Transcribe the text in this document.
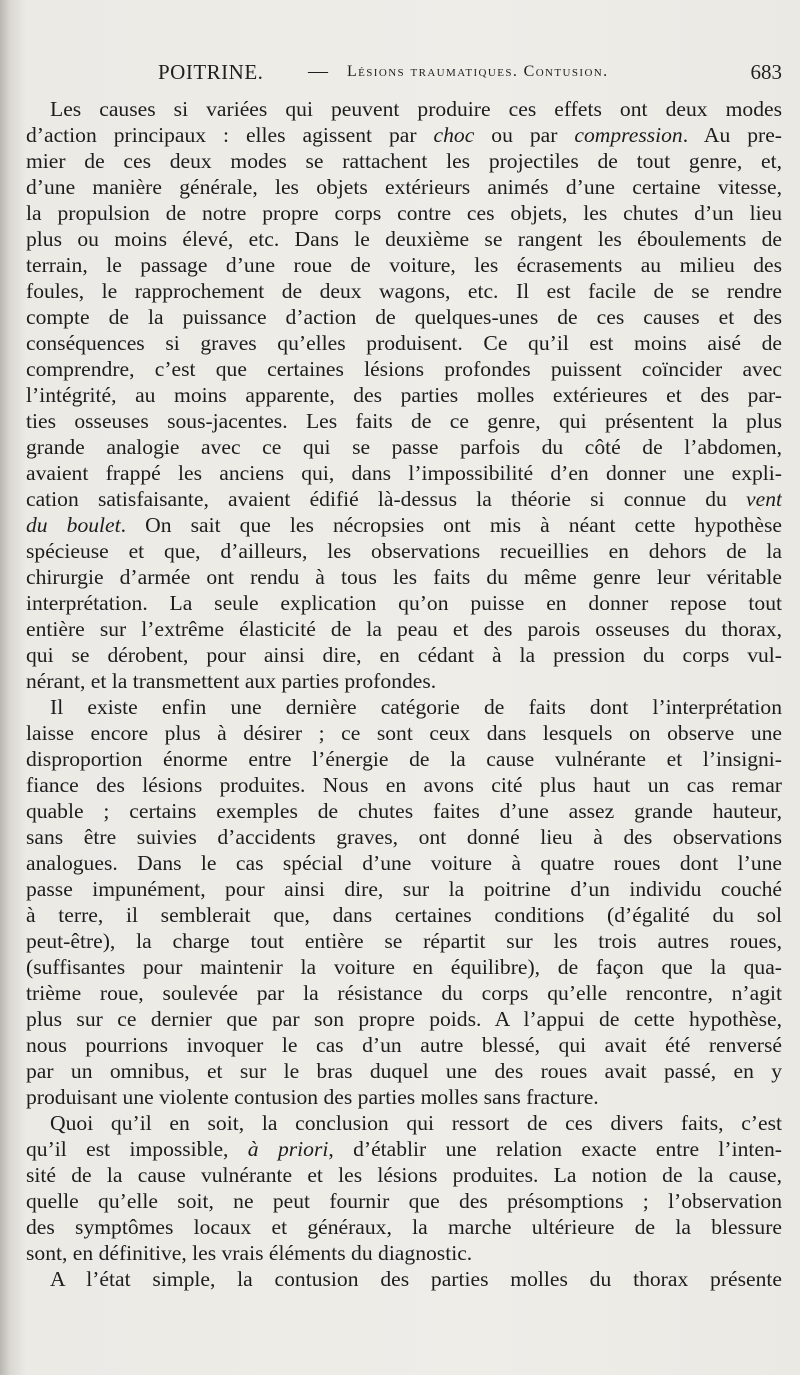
POITRINE. — Lésions traumatiques. Contusion.	683
Les causes si variées qui peuvent produire ces effets ont deux modes
d’action principaux : elles agissent par choc ou par compression. Au pre-
mier de ces deux modes se rattachent les projectiles de tout genre, et,
d’une manière générale, les objets extérieurs animés d’une certaine vitesse,
la propulsion de notre propre corps contre ces objets, les chutes d’un lieu
plus ou moins élevé, etc. Dans le deuxième se rangent les éboulements de
terrain, le passage d’une roue de voiture, les écrasements au milieu des
foules, le rapprochement de deux wagons, etc. Il est facile de se rendre
compte de la puissance d’action de quelques-unes de ces causes et des
conséquences si graves qu’elles produisent. Ce qu’il est moins aisé de
comprendre, c’est que certaines lésions profondes puissent coïncider avec
l’intégrité, au moins apparente, des parties molles extérieures et des par-
ties osseuses sous-jacentes. Les faits de ce genre, qui présentent la plus
grande analogie avec ce qui se passe parfois du côté de l’abdomen,
avaient frappé les anciens qui, dans l’impossibilité d’en donner une expli-
cation satisfaisante, avaient édifié là-dessus la théorie si connue du vent
du boulet. On sait que les nécropsies ont mis à néant cette hypothèse
spécieuse et que, d’ailleurs, les observations recueillies en dehors de la
chirurgie d’armée ont rendu à tous les faits du même genre leur véritable
interprétation. La seule explication qu’on puisse en donner repose tout
entière sur l’extrême élasticité de la peau et des parois osseuses du thorax,
qui se dérobent, pour ainsi dire, en cédant à la pression du corps vul-
nérant, et la transmettent aux parties profondes.
Il existe enfin une dernière catégorie de faits dont l’interprétation
laisse encore plus à désirer ; ce sont ceux dans lesquels on observe une
disproportion énorme entre l’énergie de la cause vulnérante et l’insigni-
fiance des lésions produites. Nous en avons cité plus haut un cas remar
quable ; certains exemples de chutes faites d’une assez grande hauteur,
sans être suivies d’accidents graves, ont donné lieu à des observations
analogues. Dans le cas spécial d’une voiture à quatre roues dont l’une
passe impunément, pour ainsi dire, sur la poitrine d’un individu couché
à terre, il semblerait que, dans certaines conditions (d’égalité du sol
peut-être), la charge tout entière se répartit sur les trois autres roues,
(suffisantes pour maintenir la voiture en équilibre), de façon que la qua-
trième roue, soulevée par la résistance du corps qu’elle rencontre, n’agit
plus sur ce dernier que par son propre poids. A l’appui de cette hypothèse,
nous pourrions invoquer le cas d’un autre blessé, qui avait été renversé
par un omnibus, et sur le bras duquel une des roues avait passé, en y
produisant une violente contusion des parties molles sans fracture.
Quoi qu’il en soit, la conclusion qui ressort de ces divers faits, c’est
qu’il est impossible, à priori, d’établir une relation exacte entre l’inten-
sité de la cause vulnérante et les lésions produites. La notion de la cause,
quelle qu’elle soit, ne peut fournir que des présomptions ; l’observation
des symptômes locaux et généraux, la marche ultérieure de la blessure
sont, en définitive, les vrais éléments du diagnostic.
A l’état simple, la contusion des parties molles du thorax présente
